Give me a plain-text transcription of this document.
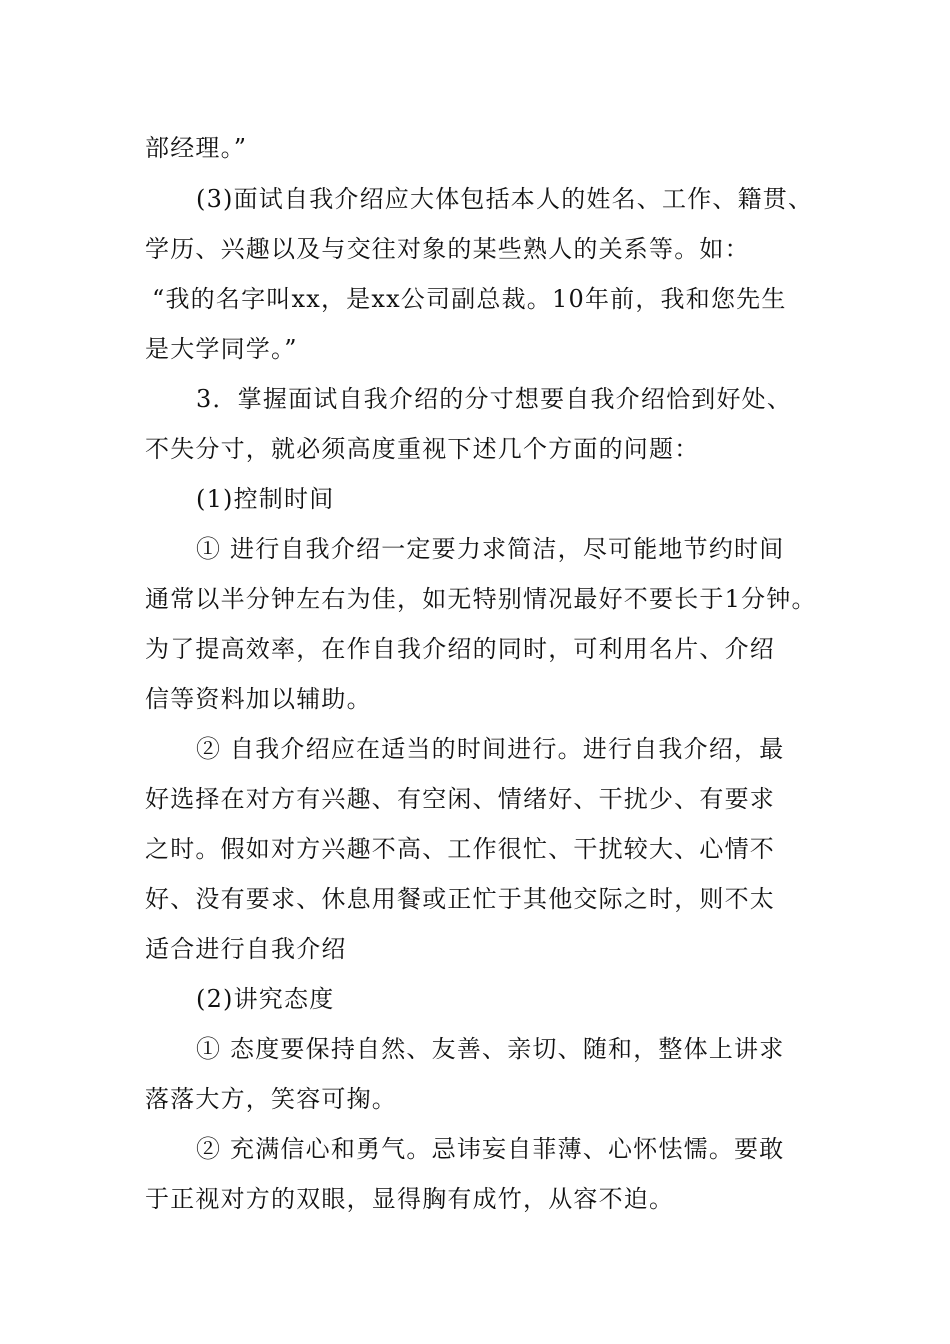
部经理。”
(3)面试自我介绍应大体包括本人的姓名、工作、籍贯、
学历、兴趣以及与交往对象的某些熟人的关系等。如：
“我的名字叫xx，是xx公司副总裁。10年前，我和您先生
是大学同学。”
3．掌握面试自我介绍的分寸想要自我介绍恰到好处、
不失分寸，就必须高度重视下述几个方面的问题：
(1)控制时间
① 进行自我介绍一定要力求简洁，尽可能地节约时间
通常以半分钟左右为佳，如无特别情况最好不要长于1分钟。
为了提高效率，在作自我介绍的同时，可利用名片、介绍
信等资料加以辅助。
② 自我介绍应在适当的时间进行。进行自我介绍，最
好选择在对方有兴趣、有空闲、情绪好、干扰少、有要求
之时。假如对方兴趣不高、工作很忙、干扰较大、心情不
好、没有要求、休息用餐或正忙于其他交际之时，则不太
适合进行自我介绍
(2)讲究态度
① 态度要保持自然、友善、亲切、随和，整体上讲求
落落大方，笑容可掬。
② 充满信心和勇气。忌讳妄自菲薄、心怀怯懦。要敢
于正视对方的双眼，显得胸有成竹，从容不迫。
